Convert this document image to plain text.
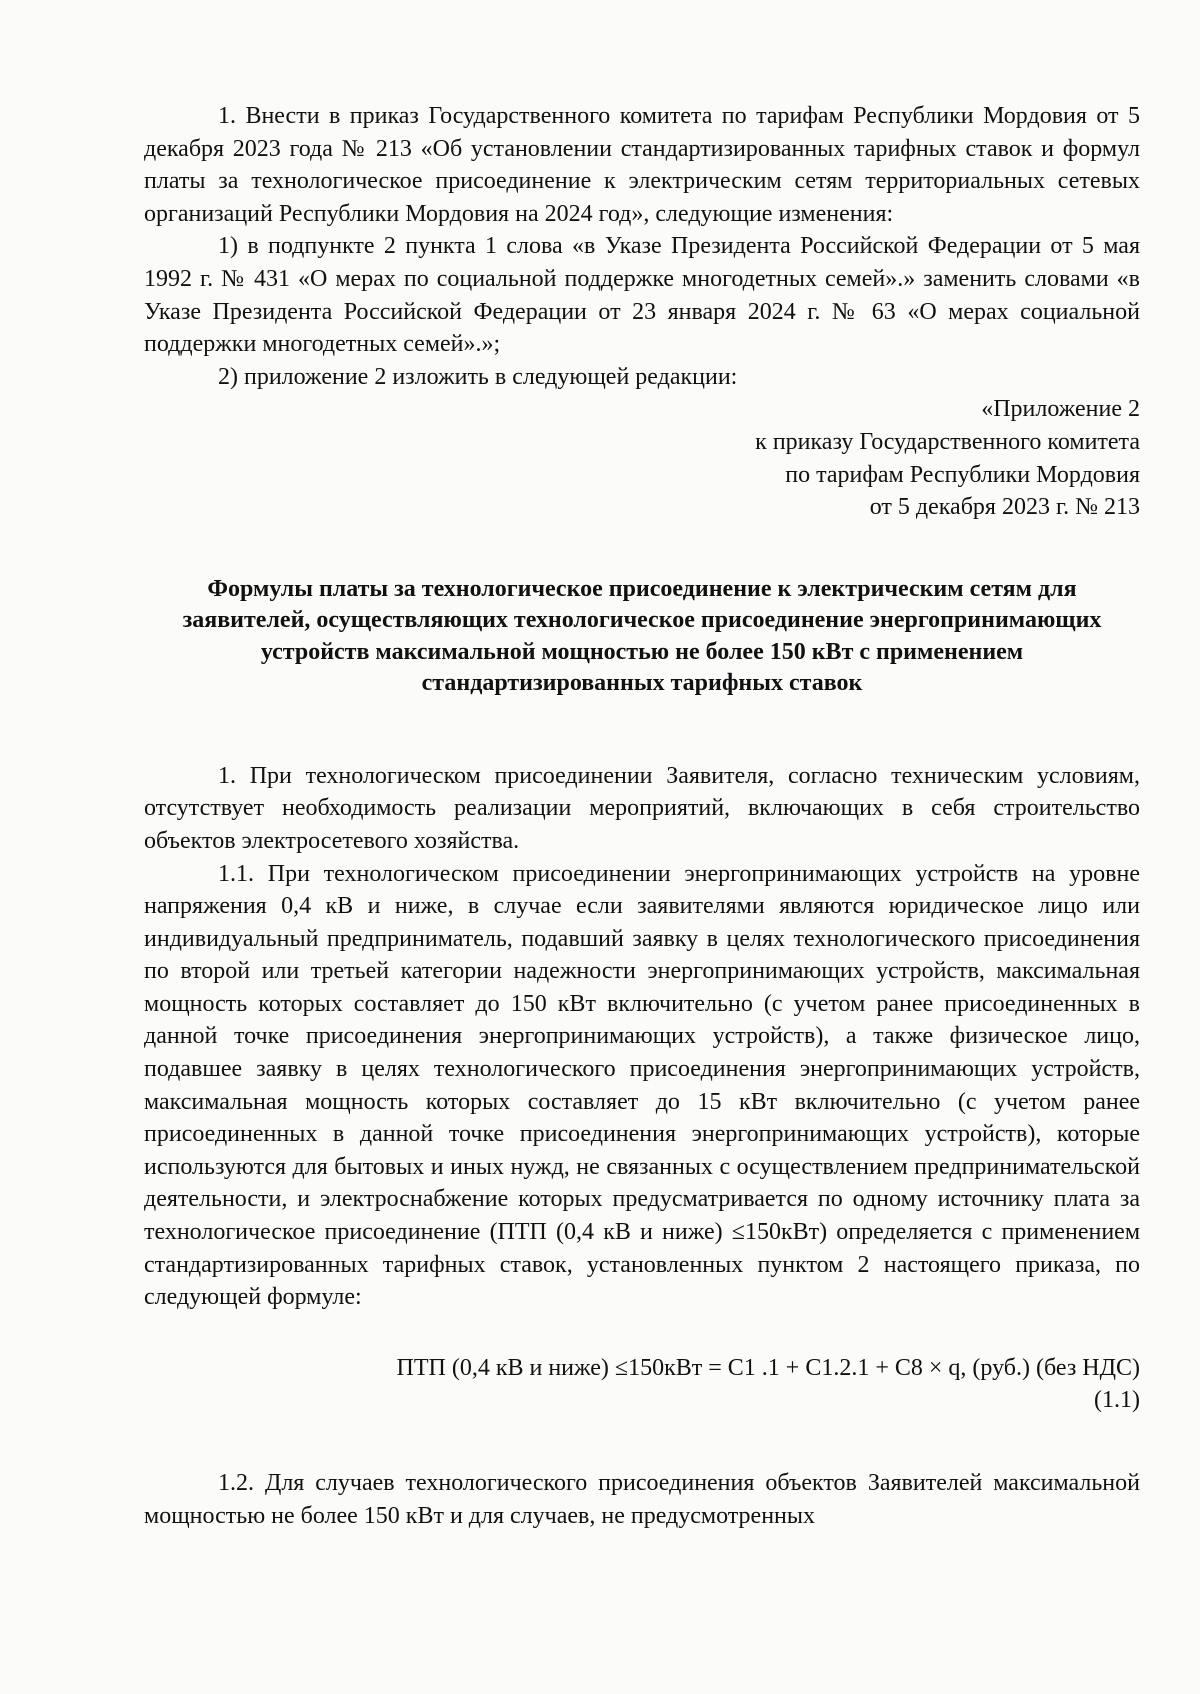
1. Внести в приказ Государственного комитета по тарифам Республики Мордовия от 5 декабря 2023 года № 213 «Об установлении стандартизированных тарифных ставок и формул платы за технологическое присоединение к электрическим сетям территориальных сетевых организаций Республики Мордовия на 2024 год», следующие изменения:

1) в подпункте 2 пункта 1 слова «в Указе Президента Российской Федерации от 5 мая 1992 г. № 431 «О мерах по социальной поддержке многодетных семей».» заменить словами «в Указе Президента Российской Федерации от 23 января 2024 г. № 63 «О мерах социальной поддержки многодетных семей».»;

2) приложение 2 изложить в следующей редакции:

«Приложение 2
к приказу Государственного комитета
по тарифам Республики Мордовия
от 5 декабря 2023 г. № 213

Формулы платы за технологическое присоединение к электрическим сетям для заявителей, осуществляющих технологическое присоединение энергопринимающих устройств максимальной мощностью не более 150 кВт с применением стандартизированных тарифных ставок

1. При технологическом присоединении Заявителя, согласно техническим условиям, отсутствует необходимость реализации мероприятий, включающих в себя строительство объектов электросетевого хозяйства.

1.1. При технологическом присоединении энергопринимающих устройств на уровне напряжения 0,4 кВ и ниже, в случае если заявителями являются юридическое лицо или индивидуальный предприниматель, подавший заявку в целях технологического присоединения по второй или третьей категории надежности энергопринимающих устройств, максимальная мощность которых составляет до 150 кВт включительно (с учетом ранее присоединенных в данной точке присоединения энергопринимающих устройств), а также физическое лицо, подавшее заявку в целях технологического присоединения энергопринимающих устройств, максимальная мощность которых составляет до 15 кВт включительно (с учетом ранее присоединенных в данной точке присоединения энергопринимающих устройств), которые используются для бытовых и иных нужд, не связанных с осуществлением предпринимательской деятельности, и электроснабжение которых предусматривается по одному источнику плата за технологическое присоединение (ПТП (0,4 кВ и ниже) ≤150кВт) определяется с применением стандартизированных тарифных ставок, установленных пунктом 2 настоящего приказа, по следующей формуле:

ПТП (0,4 кВ и ниже) ≤150кВт = С1 .1 + С1.2.1 + С8 × q, (руб.) (без НДС)
(1.1)

1.2. Для случаев технологического присоединения объектов Заявителей максимальной мощностью не более 150 кВт и для случаев, не предусмотренных
